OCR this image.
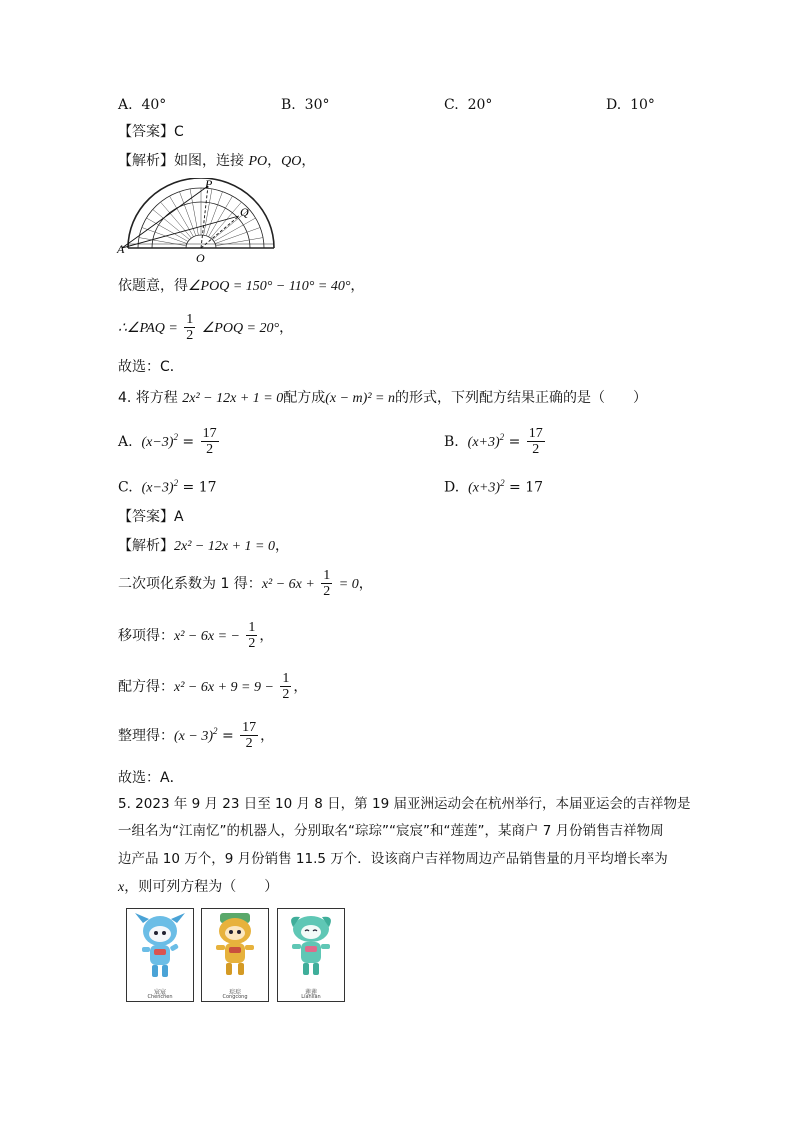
A. 40°	B. 30°	C. 20°	D. 10°
【答案】C
【解析】如图，连接 PO，QO，
P
Q
A
O
依题意，得∠POQ = 150° − 110° = 40°，
∴∠PAQ = $\frac{1}{2}$ ∠POQ = 20°，
故选：C．
4. 将方程 2x² − 12x + 1 = 0配方成(x − m)² = n的形式，下列配方结果正确的是（　　）
A. $(x-3)^2 = \frac{17}{2}$	B. $(x+3)^2 = \frac{17}{2}$
C. $(x-3)^2 = 17$	D. $(x+3)^2 = 17$
【答案】A
【解析】2x² − 12x + 1 = 0，
二次项化系数为 1 得：$x^2 - 6x + \frac{1}{2} = 0$，
移项得：x² − 6x = − $\frac{1}{2}$ ，
配方得：$x^2 - 6x + 9 = 9 - \frac{1}{2}$ ，
整理得：$(x - 3)^2 = \frac{17}{2}$ ，
故选：A．
5. 2023 年 9 月 23 日至 10 月 8 日，第 19 届亚洲运动会在杭州举行，本届亚运会的吉祥物是
一组名为“江南忆”的机器人，分别取名“琮琮”“宸宸”和“莲莲”，某商户 7 月份销售吉祥物周
边产品 10 万个，9 月份销售 11.5 万个．设该商户吉祥物周边产品销售量的月平均增长率为
x，则可列方程为（　　）
宸宸
Chenchen
琮琮
Congcong
莲莲
Lianlian
